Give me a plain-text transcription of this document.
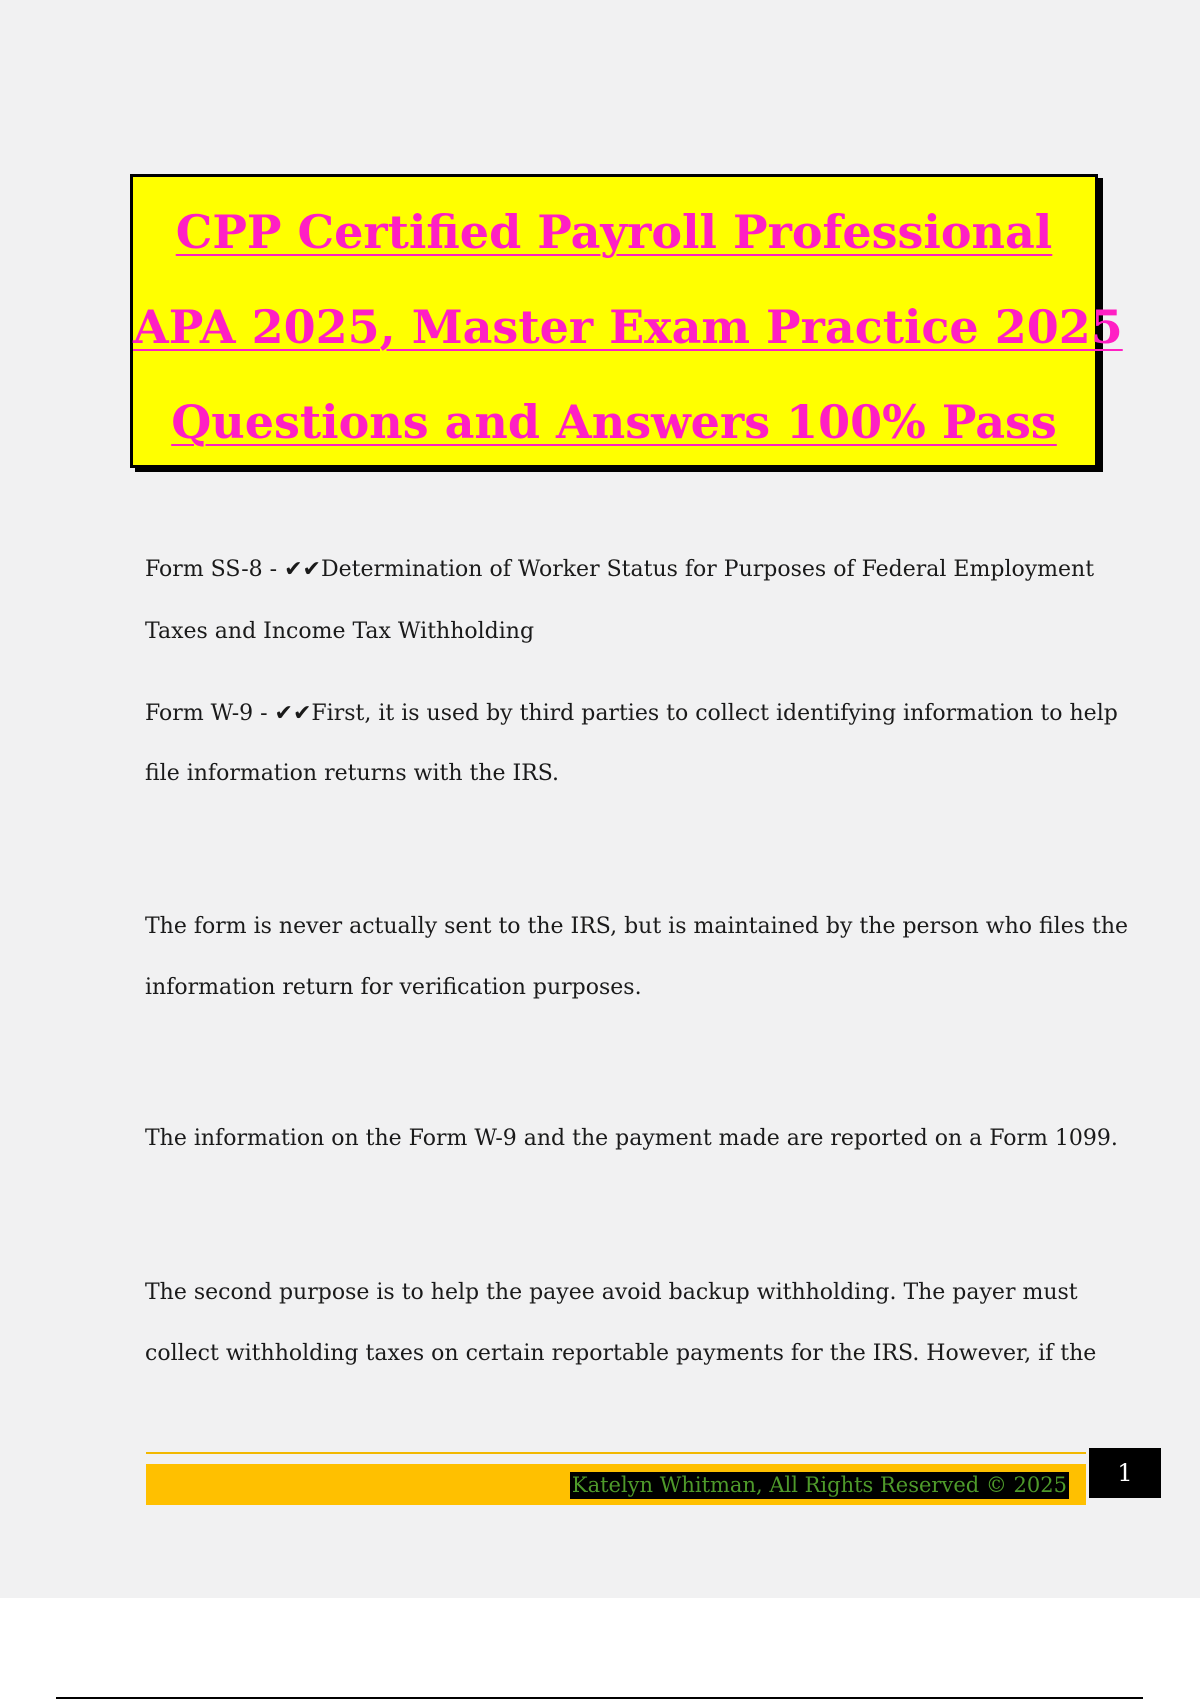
CPP Certified Payroll Professional
APA 2025, Master Exam Practice 2025
Questions and Answers 100% Pass

Form SS-8 - ✔✔Determination of Worker Status for Purposes of Federal Employment

Taxes and Income Tax Withholding

Form W-9 - ✔✔First, it is used by third parties to collect identifying information to help

file information returns with the IRS.

The form is never actually sent to the IRS, but is maintained by the person who files the

information return for verification purposes.

The information on the Form W-9 and the payment made are reported on a Form 1099.

The second purpose is to help the payee avoid backup withholding. The payer must

collect withholding taxes on certain reportable payments for the IRS. However, if the

Katelyn Whitman, All Rights Reserved © 2025	1
